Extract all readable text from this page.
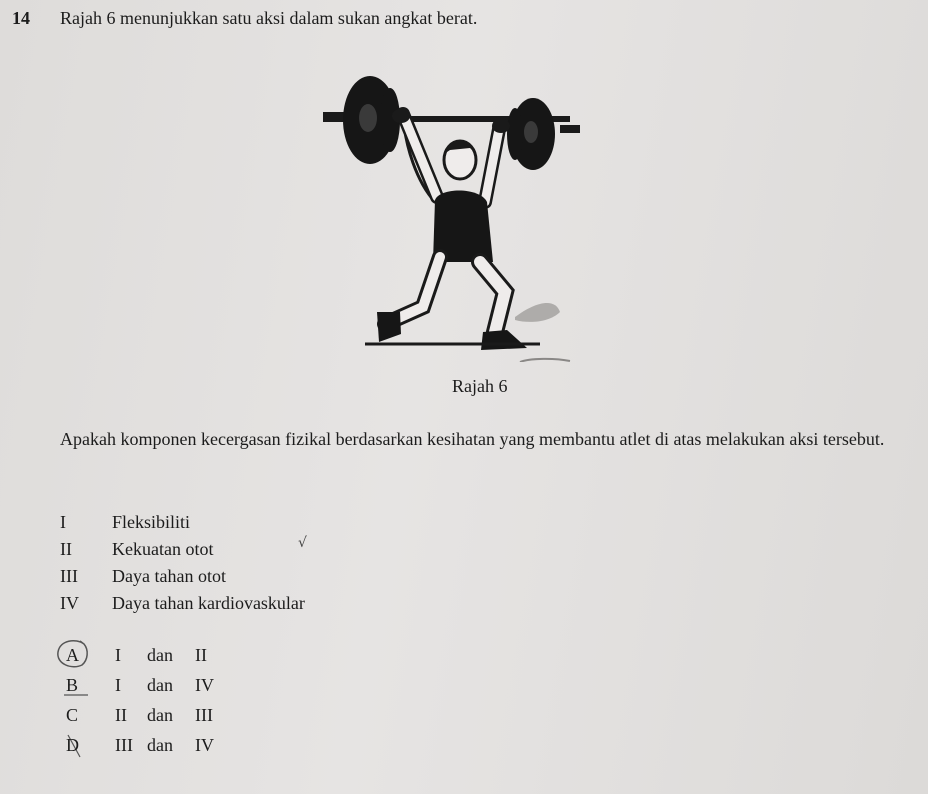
14 Rajah 6 menunjukkan satu aksi dalam sukan angkat berat.
Rajah 6
Apakah komponen kecergasan fizikal berdasarkan kesihatan yang membantu atlet di atas melakukan aksi tersebut.
I	Fleksibiliti
II	Kekuatan otot	√
III	Daya tahan otot
IV	Daya tahan kardiovaskular
A	I dan II
B	I dan IV
C	II dan III
D	III dan IV
